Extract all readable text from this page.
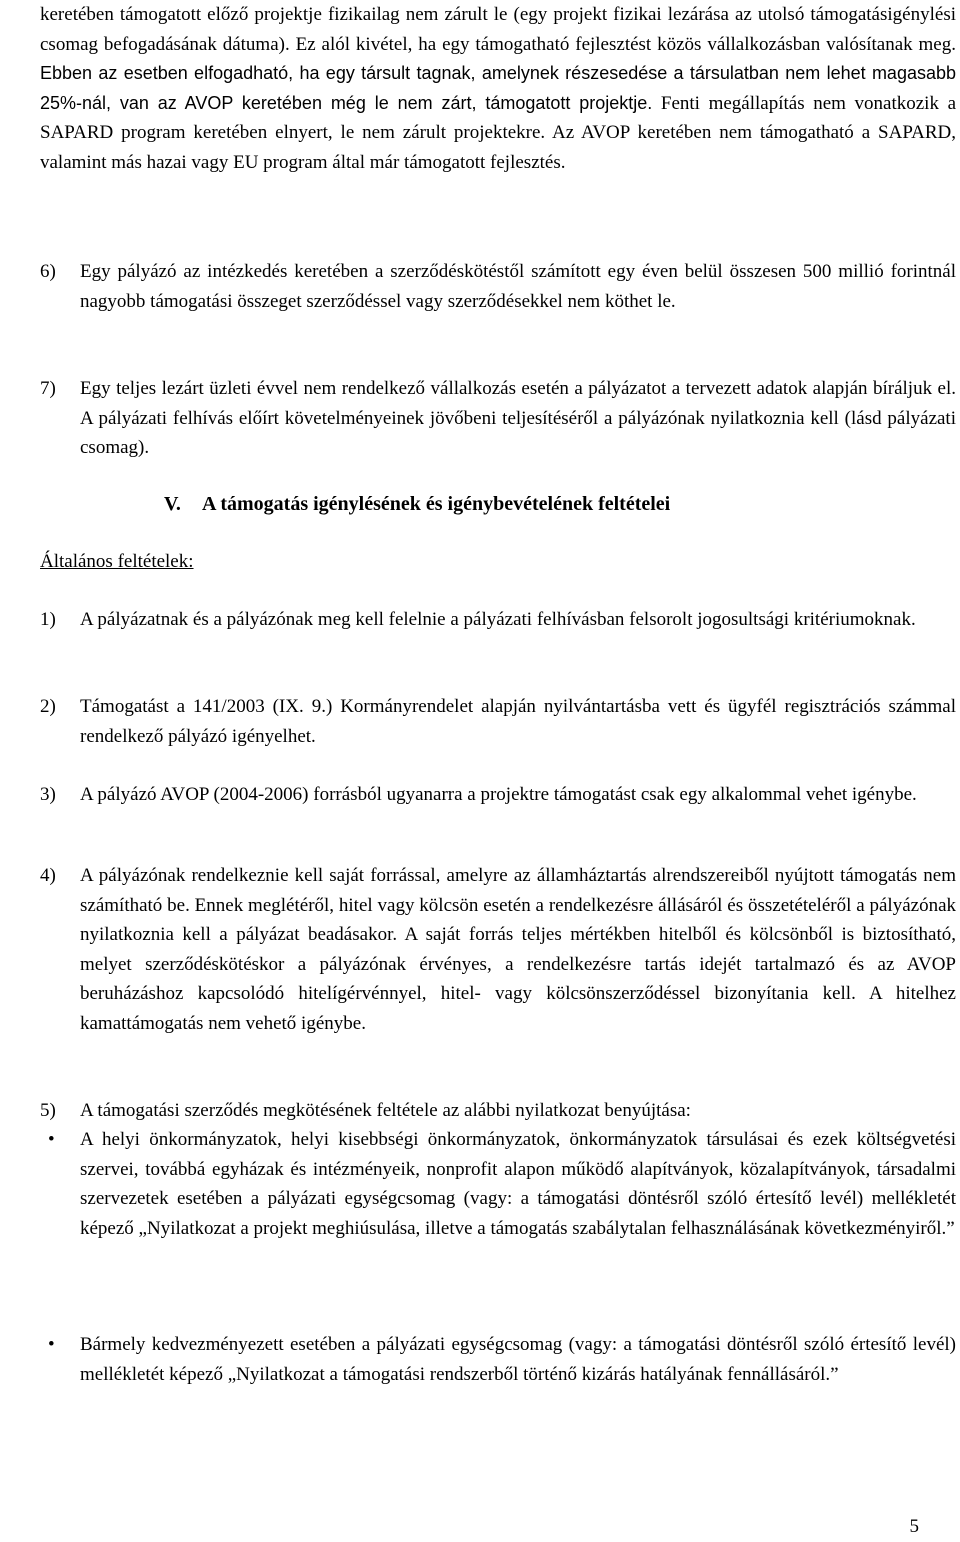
keretében támogatott előző projektje fizikailag nem zárult le (egy projekt fizikai lezárása az utolsó támogatásigénylési csomag befogadásának dátuma). Ez alól kivétel, ha egy támogatható fejlesztést közös vállalkozásban valósítanak meg. Ebben az esetben elfogadható, ha egy társult tagnak, amelynek részesedése a társulatban nem lehet magasabb 25%-nál, van az AVOP keretében még le nem zárt, támogatott projektje. Fenti megállapítás nem vonatkozik a SAPARD program keretében elnyert, le nem zárult projektekre. Az AVOP keretében nem támogatható a SAPARD, valamint más hazai vagy EU program által már támogatott fejlesztés.
6)	Egy pályázó az intézkedés keretében a szerződéskötéstől számított egy éven belül összesen 500 millió forintnál nagyobb támogatási összeget szerződéssel vagy szerződésekkel nem köthet le.
7)	Egy teljes lezárt üzleti évvel nem rendelkező vállalkozás esetén a pályázatot a tervezett adatok alapján bíráljuk el. A pályázati felhívás előírt követelményeinek jövőbeni teljesítéséről a pályázónak nyilatkoznia kell (lásd pályázati csomag).
V. A támogatás igénylésének és igénybevételének feltételei
Általános feltételek:
1)	A pályázatnak és a pályázónak meg kell felelnie a pályázati felhívásban felsorolt jogosultsági kritériumoknak.
2)	Támogatást a 141/2003 (IX. 9.) Kormányrendelet alapján nyilvántartásba vett és ügyfél regisztrációs számmal rendelkező pályázó igényelhet.
3)	A pályázó AVOP (2004-2006) forrásból ugyanarra a projektre támogatást csak egy alkalommal vehet igénybe.
4)	A pályázónak rendelkeznie kell saját forrással, amelyre az államháztartás alrendszereiből nyújtott támogatás nem számítható be. Ennek meglétéről, hitel vagy kölcsön esetén a rendelkezésre állásáról és összetételéről a pályázónak nyilatkoznia kell a pályázat beadásakor. A saját forrás teljes mértékben hitelből és kölcsönből is biztosítható, melyet szerződéskötéskor a pályázónak érvényes, a rendelkezésre tartás idejét tartalmazó és az AVOP beruházáshoz kapcsolódó hitelígérvénnyel, hitel- vagy kölcsönszerződéssel bizonyítania kell. A hitelhez kamattámogatás nem vehető igénybe.
5)	A támogatási szerződés megkötésének feltétele az alábbi nyilatkozat benyújtása:
• A helyi önkormányzatok, helyi kisebbségi önkormányzatok, önkormányzatok társulásai és ezek költségvetési szervei, továbbá egyházak és intézményeik, nonprofit alapon működő alapítványok, közalapítványok, társadalmi szervezetek esetében a pályázati egységcsomag (vagy: a támogatási döntésről szóló értesítő levél) mellékletét képező „Nyilatkozat a projekt meghiúsulása, illetve a támogatás szabálytalan felhasználásának következményiről.”
• Bármely kedvezményezett esetében a pályázati egységcsomag (vagy: a támogatási döntésről szóló értesítő levél) mellékletét képező „Nyilatkozat a támogatási rendszerből történő kizárás hatályának fennállásáról.”
5
